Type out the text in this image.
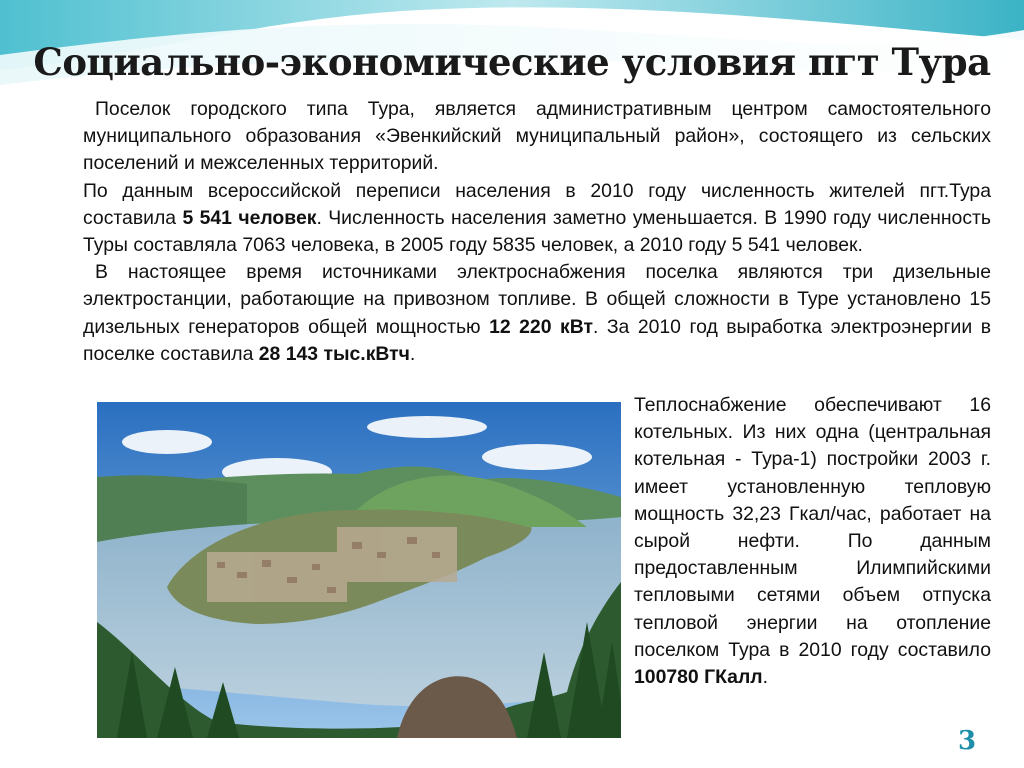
Социально-экономические условия пгт Тура

Поселок городского типа Тура, является административным центром самостоятельного муниципального образования «Эвенкийский муниципальный район», состоящего из сельских поселений и межселенных территорий.

По данным всероссийской переписи населения в 2010 году численность жителей пгт.Тура составила 5 541 человек. Численность населения заметно уменьшается. В 1990 году численность Туры составляла 7063 человека, в 2005 году 5835 человек, а 2010 году 5 541 человек.

В настоящее время источниками электроснабжения поселка являются три дизельные электростанции, работающие на привозном топливе. В общей сложности в Туре установлено 15 дизельных генераторов общей мощностью 12 220 кВт. За 2010 год выработка электроэнергии в поселке составила 28 143 тыс.кВтч.

Теплоснабжение обеспечивают 16 котельных. Из них одна (центральная котельная - Тура-1) постройки 2003 г. имеет установленную тепловую мощность 32,23 Гкал/час, работает на сырой нефти. По данным предоставленным Илимпийскими тепловыми сетями объем отпуска тепловой энергии на отопление поселком Тура в 2010 году составило 100780 ГКалл.
3
